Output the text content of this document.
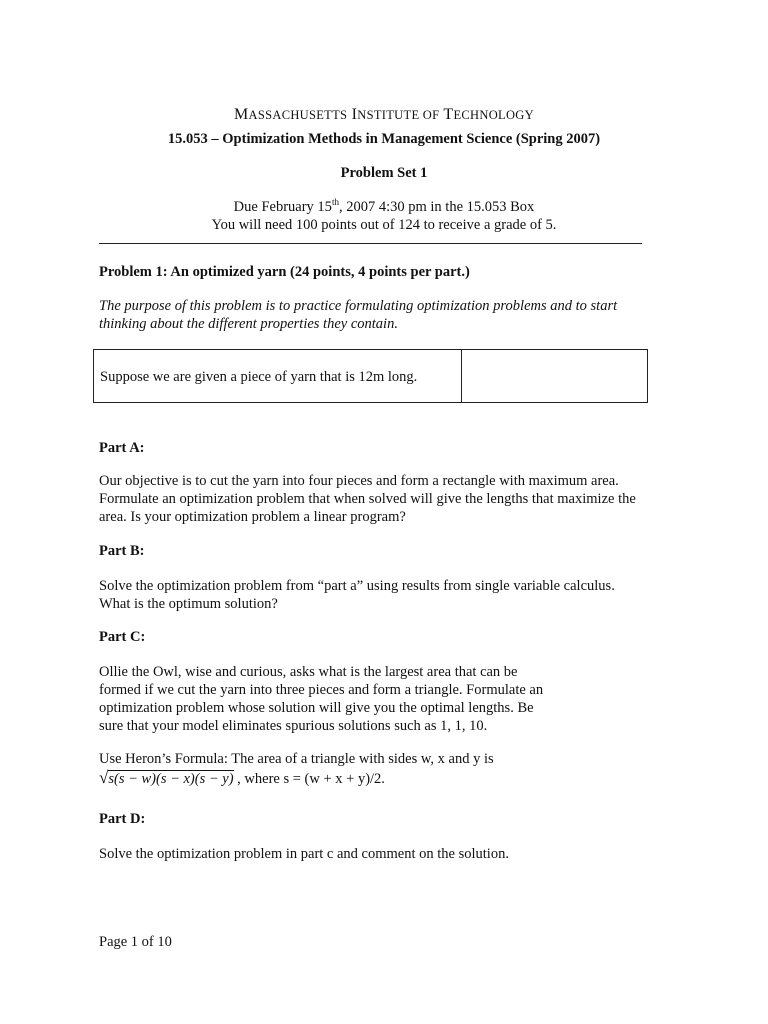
MASSACHUSETTS INSTITUTE OF TECHNOLOGY
15.053 – Optimization Methods in Management Science (Spring 2007)
Problem Set 1
Due February 15th, 2007 4:30 pm in the 15.053 Box
You will need 100 points out of 124 to receive a grade of 5.
Problem 1: An optimized yarn (24 points, 4 points per part.)
The purpose of this problem is to practice formulating optimization problems and to start
thinking about the different properties they contain.
Suppose we are given a piece of yarn that is 12m long.
Part A:
Our objective is to cut the yarn into four pieces and form a rectangle with maximum area.
Formulate an optimization problem that when solved will give the lengths that maximize the
area. Is your optimization problem a linear program?
Part B:
Solve the optimization problem from “part a” using results from single variable calculus.
What is the optimum solution?
Part C:
Ollie the Owl, wise and curious, asks what is the largest area that can be
formed if we cut the yarn into three pieces and form a triangle. Formulate an
optimization problem whose solution will give you the optimal lengths. Be
sure that your model eliminates spurious solutions such as 1, 1, 10.
Use Heron’s Formula: The area of a triangle with sides w, x and y is
√s(s − w)(s − x)(s − y) , where s = (w + x + y)/2.
Part D:
Solve the optimization problem in part c and comment on the solution.
Page 1 of 10
